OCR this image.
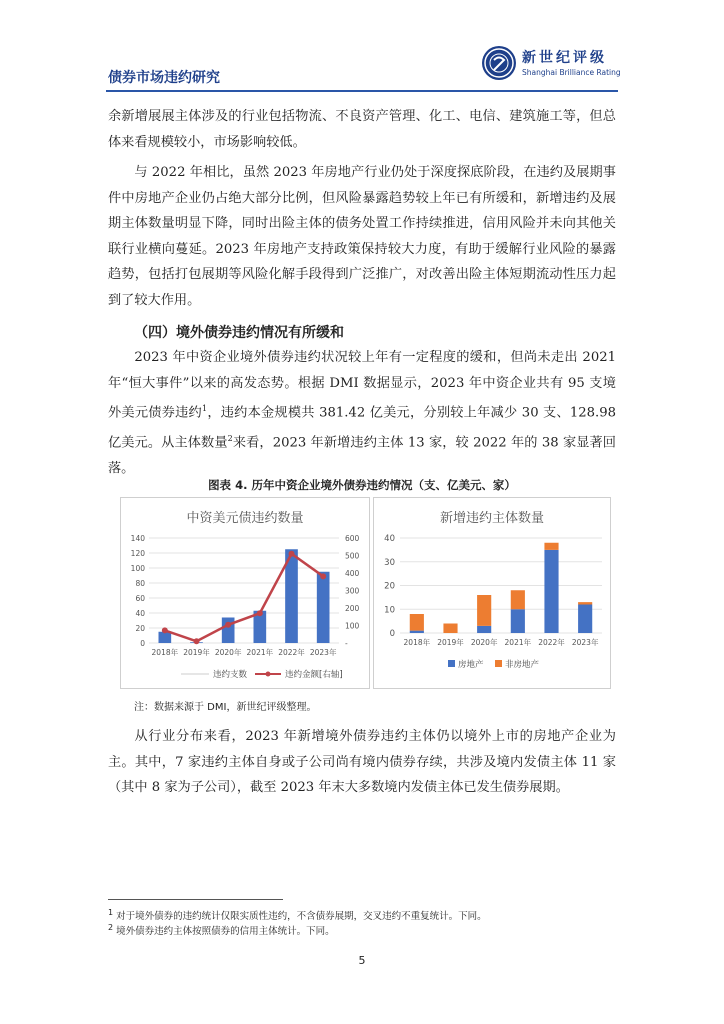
债券市场违约研究
新世纪评级
Shanghai Brilliance Rating

余新增展展主体涉及的行业包括物流、不良资产管理、化工、电信、建筑施工等，但总体来看规模较小，市场影响较低。

与 2022 年相比，虽然 2023 年房地产行业仍处于深度探底阶段，在违约及展期事件中房地产企业仍占绝大部分比例，但风险暴露趋势较上年已有所缓和，新增违约及展期主体数量明显下降，同时出险主体的债务处置工作持续推进，信用风险并未向其他关联行业横向蔓延。2023 年房地产支持政策保持较大力度，有助于缓解行业风险的暴露趋势，包括打包展期等风险化解手段得到广泛推广，对改善出险主体短期流动性压力起到了较大作用。

（四）境外债券违约情况有所缓和

2023 年中资企业境外债券违约状况较上年有一定程度的缓和，但尚未走出 2021 年“恒大事件”以来的高发态势。根据 DMI 数据显示，2023 年中资企业共有 95 支境外美元债券违约$^1$，违约本金规模共 381.42 亿美元，分别较上年减少 30 支、128.98 亿美元。从主体数量$^2$来看，2023 年新增违约主体 13 家，较 2022 年的 38 家显著回落。

图表 4. 历年中资企业境外债券违约情况（支、亿美元、家）
中资美元债违约数量
0
20
40
60
80
100
120
140
-
100
200
300
400
500
600
2018年 2019年 2020年 2021年 2022年 2023年
违约支数	违约金额[右轴]
新增违约主体数量
0
10
20
30
40
2018年 2019年 2020年 2021年 2022年 2023年
房地产	非房地产
注：数据来源于 DMI，新世纪评级整理。

从行业分布来看，2023 年新增境外债券违约主体仍以境外上市的房地产企业为主。其中，7 家违约主体自身或子公司尚有境内债券存续，共涉及境内发债主体 11 家（其中 8 家为子公司），截至 2023 年末大多数境内发债主体已发生债券展期。

$^1$ 对于境外债券的违约统计仅限实质性违约，不含债券展期，交叉违约不重复统计。下同。
$^2$ 境外债券违约主体按照债券的信用主体统计。下同。
5
